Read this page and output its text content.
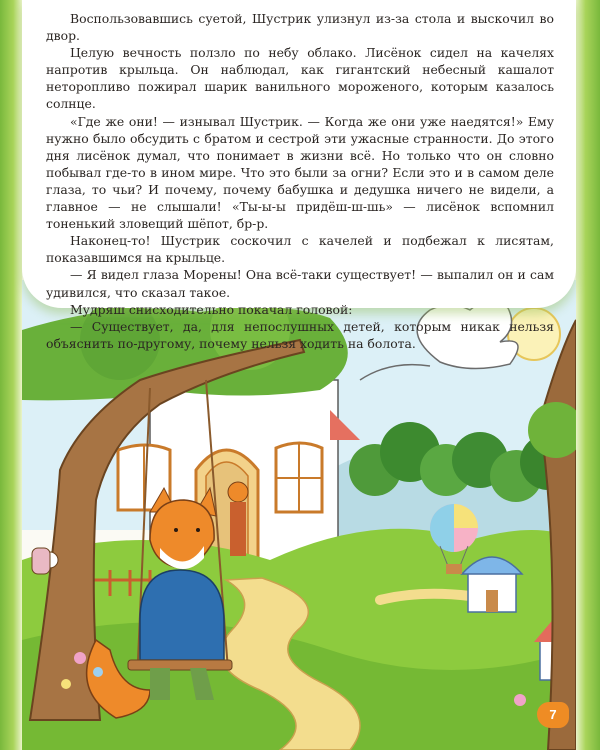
Воспользовавшись суетой, Шустрик улизнул из-за стола и выскочил во двор.

Целую вечность ползло по небу облако. Лисёнок сидел на качелях напротив крыльца. Он наблюдал, как гигантский небесный кашалот неторопливо пожирал шарик ванильного мороженого, которым казалось солнце.

«Где же они! — изнывал Шустрик. — Когда же они уже наедятся!» Ему нужно было обсудить с братом и сестрой эти ужасные странности. До этого дня лисёнок думал, что понимает в жизни всё. Но только что он словно побывал где-то в ином мире. Что это были за огни? Если это и в самом деле глаза, то чьи? И почему, почему бабушка и дедушка ничего не видели, а главное — не слышали! «Ты-ы-ы придёш-ш-шь» — лисёнок вспомнил тоненький зловещий шёпот, бр-р.

Наконец-то! Шустрик соскочил с качелей и подбежал к лисятам, показавшимся на крыльце.

— Я видел глаза Морены! Она всё-таки существует! — выпалил он и сам удивился, что сказал такое.

Мудряш снисходительно покачал головой:

— Существует, да, для непослушных детей, которым никак нельзя объяснить по-другому, почему нельзя ходить на болота.

7
